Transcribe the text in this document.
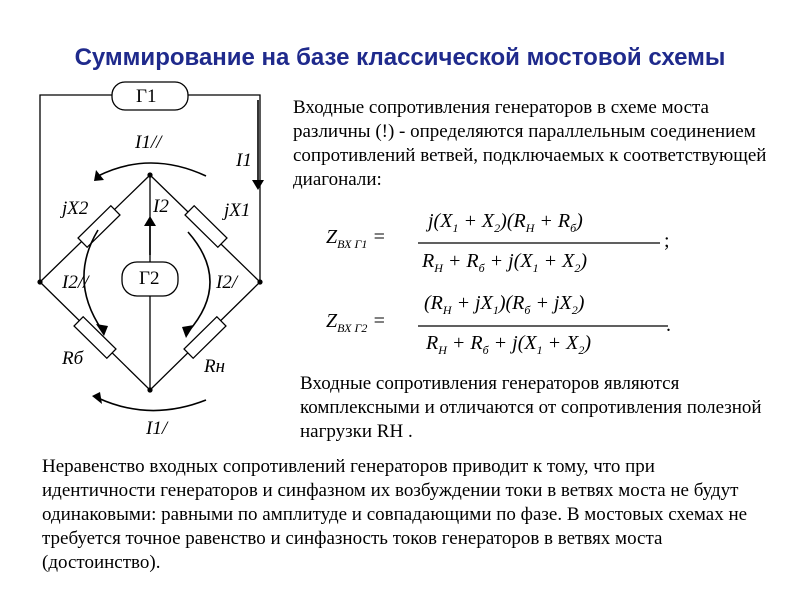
Суммирование на базе классической мостовой схемы
Г1
Г2
I1//
I1
I2
jX2	jX1
I2//	I2/
Rб	Rн
I1/

Входные сопротивления генераторов в схеме моста различны (!) - определяются параллельным соединением сопротивлений ветвей, подключаемых к соответствующей диагонали:

$Z_{ВХ Г1}$ =
$j(X_1 + X_2)(R_Н + R_б)$
$R_Н + R_б + j(X_1 + X_2)$
;
$Z_{ВХ Г2}$ =
$(R_Н + jX_1)(R_б + jX_2)$
$R_Н + R_б + j(X_1 + X_2)$
.

Входные сопротивления генераторов являются комплексными и отличаются от сопротивления полезной нагрузки RН .

Неравенство входных сопротивлений генераторов приводит к тому, что при идентичности генераторов и синфазном их возбуждении токи в ветвях моста не будут одинаковыми: равными по амплитуде и совпадающими по фазе. В мостовых схемах не требуется точное равенство и синфазность токов генераторов в ветвях моста (достоинство).
